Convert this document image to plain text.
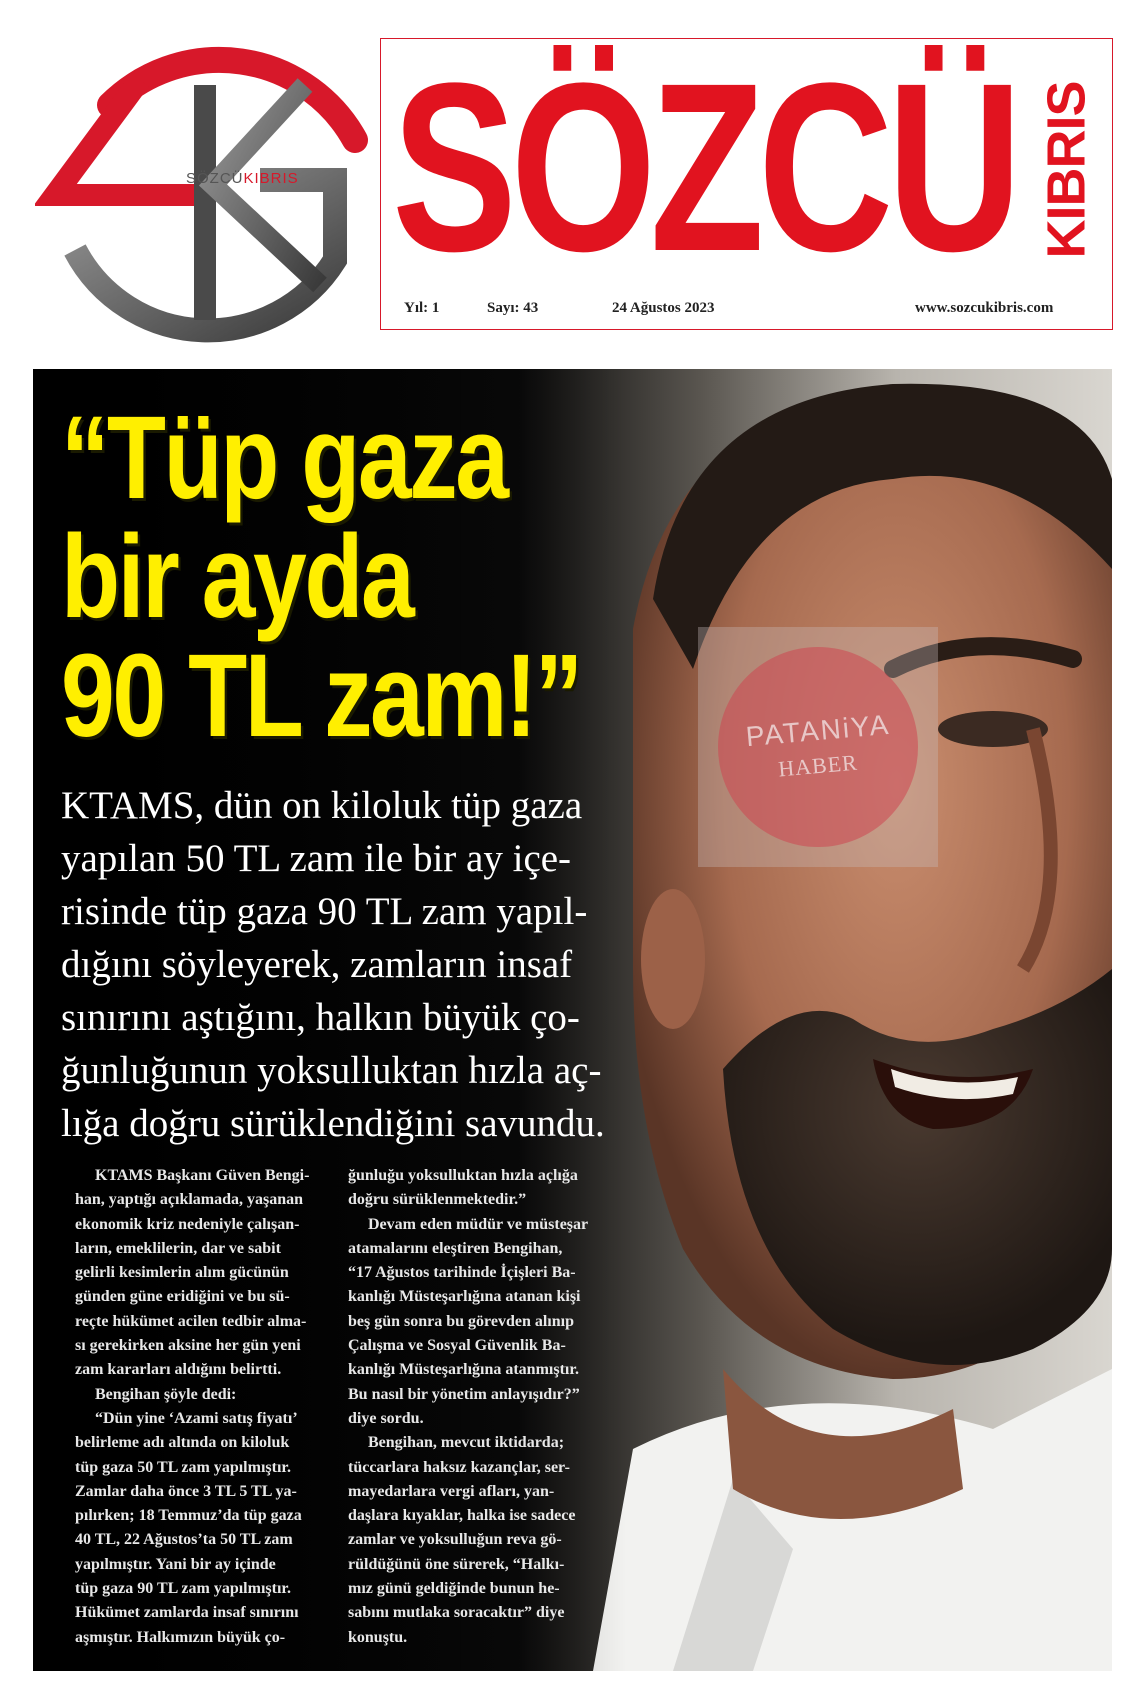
SÖZCÜKIBRIS SÖZCÜ KIBRIS
Yıl: 1	Sayı: 43	24 Ağustos 2023	www.sozcukibris.com
PATANiYA
HABER
“Tüp gaza
bir ayda
90 TL zam!”
KTAMS, dün on kiloluk tüp gaza
yapılan 50 TL zam ile bir ay içe-
risinde tüp gaza 90 TL zam yapıl-
dığını söyleyerek, zamların insaf
sınırını aştığını, halkın büyük ço-
ğunluğunun yoksulluktan hızla aç-
lığa doğru sürüklendiğini savundu.
KTAMS Başkanı Güven Bengi-
han, yaptığı açıklamada, yaşanan
ekonomik kriz nedeniyle çalışan-
ların, emeklilerin, dar ve sabit
gelirli kesimlerin alım gücünün
günden güne eridiğini ve bu sü-
reçte hükümet acilen tedbir alma-
sı gerekirken aksine her gün yeni
zam kararları aldığını belirtti.
Bengihan şöyle dedi:
“Dün yine ‘Azami satış fiyatı’
belirleme adı altında on kiloluk
tüp gaza 50 TL zam yapılmıştır.
Zamlar daha önce 3 TL 5 TL ya-
pılırken; 18 Temmuz’da tüp gaza
40 TL, 22 Ağustos’ta 50 TL zam
yapılmıştır. Yani bir ay içinde
tüp gaza 90 TL zam yapılmıştır.
Hükümet zamlarda insaf sınırını
aşmıştır. Halkımızın büyük ço-
ğunluğu yoksulluktan hızla açlığa
doğru sürüklenmektedir.”
Devam eden müdür ve müsteşar
atamalarını eleştiren Bengihan,
“17 Ağustos tarihinde İçişleri Ba-
kanlığı Müsteşarlığına atanan kişi
beş gün sonra bu görevden alınıp
Çalışma ve Sosyal Güvenlik Ba-
kanlığı Müsteşarlığına atanmıştır.
Bu nasıl bir yönetim anlayışıdır?”
diye sordu.
Bengihan, mevcut iktidarda;
tüccarlara haksız kazançlar, ser-
mayedarlara vergi afları, yan-
daşlara kıyaklar, halka ise sadece
zamlar ve yoksulluğun reva gö-
rüldüğünü öne sürerek, “Halkı-
mız günü geldiğinde bunun he-
sabını mutlaka soracaktır” diye
konuştu.
